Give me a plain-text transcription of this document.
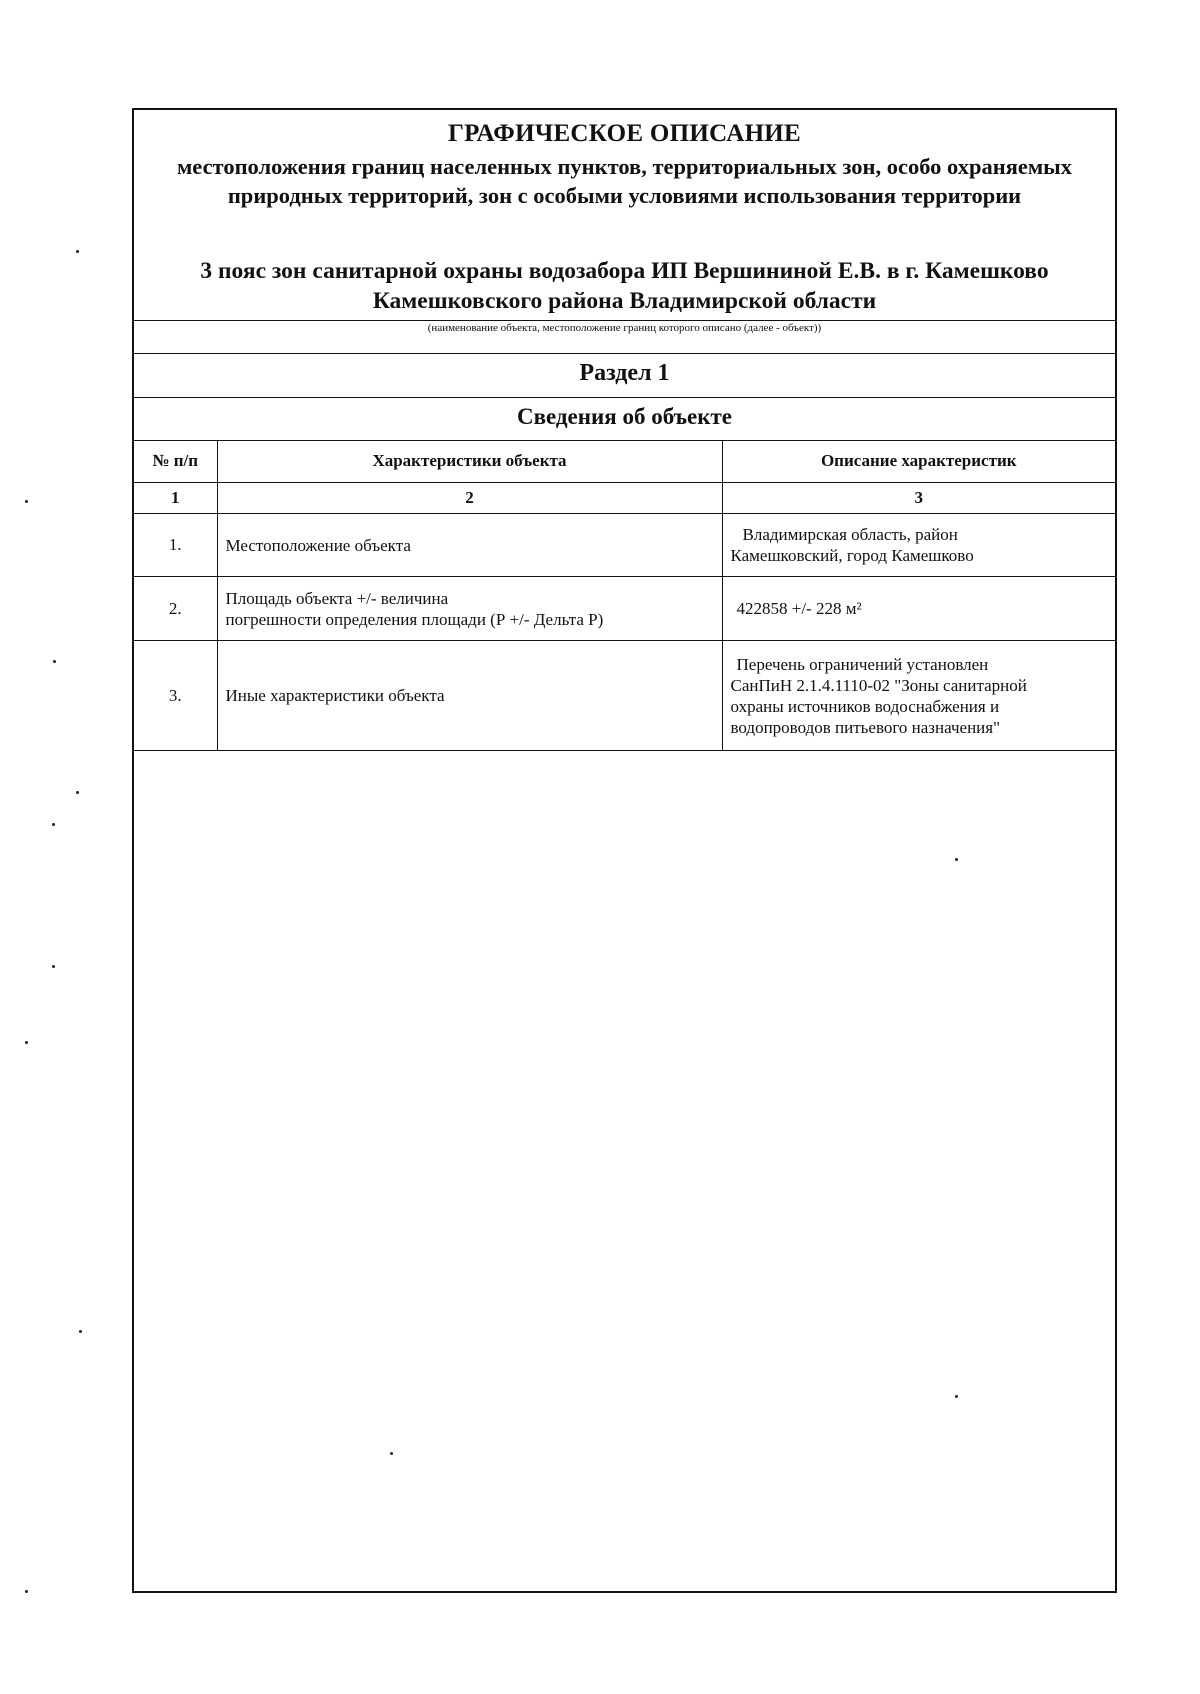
ГРАФИЧЕСКОЕ ОПИСАНИЕ
местоположения границ населенных пунктов, территориальных зон, особо охраняемых природных территорий, зон с особыми условиями использования территории
3 пояс зон санитарной охраны водозабора ИП Вершининой Е.В. в г. Камешково
Камешковского района Владимирской области
(наименование объекта, местоположение границ которого описано (далее - объект))
Раздел 1
Сведения об объекте
№ п/п	Характеристики объекта	Описание характеристик
1	2	3
1.	Местоположение объекта	Владимирская область, район
Камешковский, город Камешково

2.	Площадь объекта +/- величина
погрешности определения площади (Р +/- Дельта Р)	422858 +/- 228 м²
3.	Иные характеристики объекта	Перечень ограничений установлен
СанПиН 2.1.4.1110-02 "Зоны санитарной
охраны источников водоснабжения и
водопроводов питьевого назначения"
